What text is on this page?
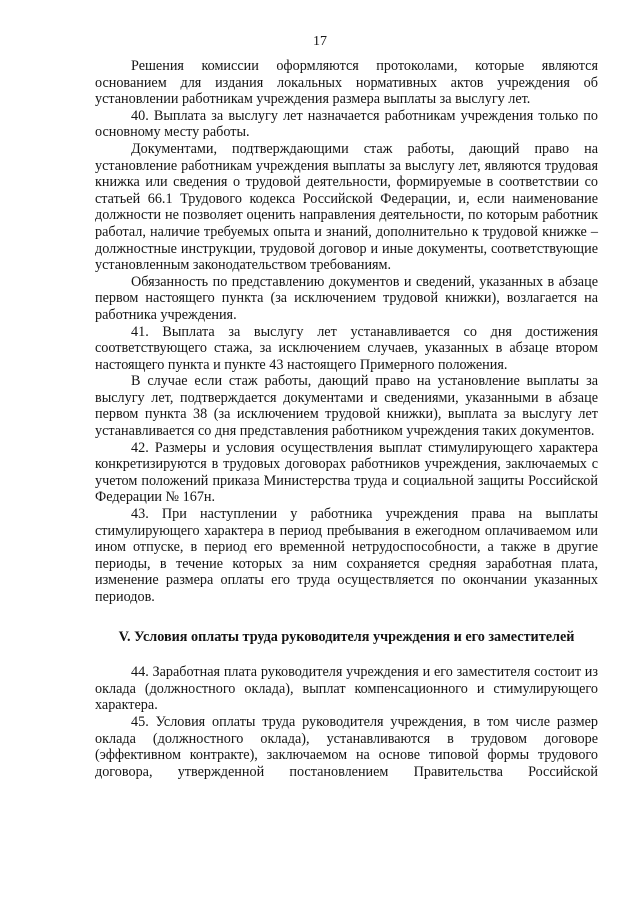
17

Решения комиссии оформляются протоколами, которые являются основанием для издания локальных нормативных актов учреждения об установлении работникам учреждения размера выплаты за выслугу лет.

40. Выплата за выслугу лет назначается работникам учреждения только по основному месту работы.

Документами, подтверждающими стаж работы, дающий право на установление работникам учреждения выплаты за выслугу лет, являются трудовая книжка или сведения о трудовой деятельности, формируемые в соответствии со статьей 66.1 Трудового кодекса Российской Федерации, и, если наименование должности не позволяет оценить направления деятельности, по которым работник работал, наличие требуемых опыта и знаний, дополнительно к трудовой книжке – должностные инструкции, трудовой договор и иные документы, соответствующие установленным законодательством требованиям.

Обязанность по представлению документов и сведений, указанных в абзаце первом настоящего пункта (за исключением трудовой книжки), возлагается на работника учреждения.

41. Выплата за выслугу лет устанавливается со дня достижения соответствующего стажа, за исключением случаев, указанных в абзаце втором настоящего пункта и пункте 43 настоящего Примерного положения.

В случае если стаж работы, дающий право на установление выплаты за выслугу лет, подтверждается документами и сведениями, указанными в абзаце первом пункта 38 (за исключением трудовой книжки), выплата за выслугу лет устанавливается со дня представления работником учреждения таких документов.

42. Размеры и условия осуществления выплат стимулирующего характера конкретизируются в трудовых договорах работников учреждения, заключаемых с учетом положений приказа Министерства труда и социальной защиты Российской Федерации № 167н.

43. При наступлении у работника учреждения права на выплаты стимулирующего характера в период пребывания в ежегодном оплачиваемом или ином отпуске, в период его временной нетрудоспособности, а также в другие периоды, в течение которых за ним сохраняется средняя заработная плата, изменение размера оплаты его труда осуществляется по окончании указанных периодов.

V. Условия оплаты труда руководителя учреждения и его заместителей

44. Заработная плата руководителя учреждения и его заместителя состоит из оклада (должностного оклада), выплат компенсационного и стимулирующего характера.

45. Условия оплаты труда руководителя учреждения, в том числе размер оклада (должностного оклада), устанавливаются в трудовом договоре (эффективном контракте), заключаемом на основе типовой формы трудового договора, утвержденной постановлением Правительства Российской
